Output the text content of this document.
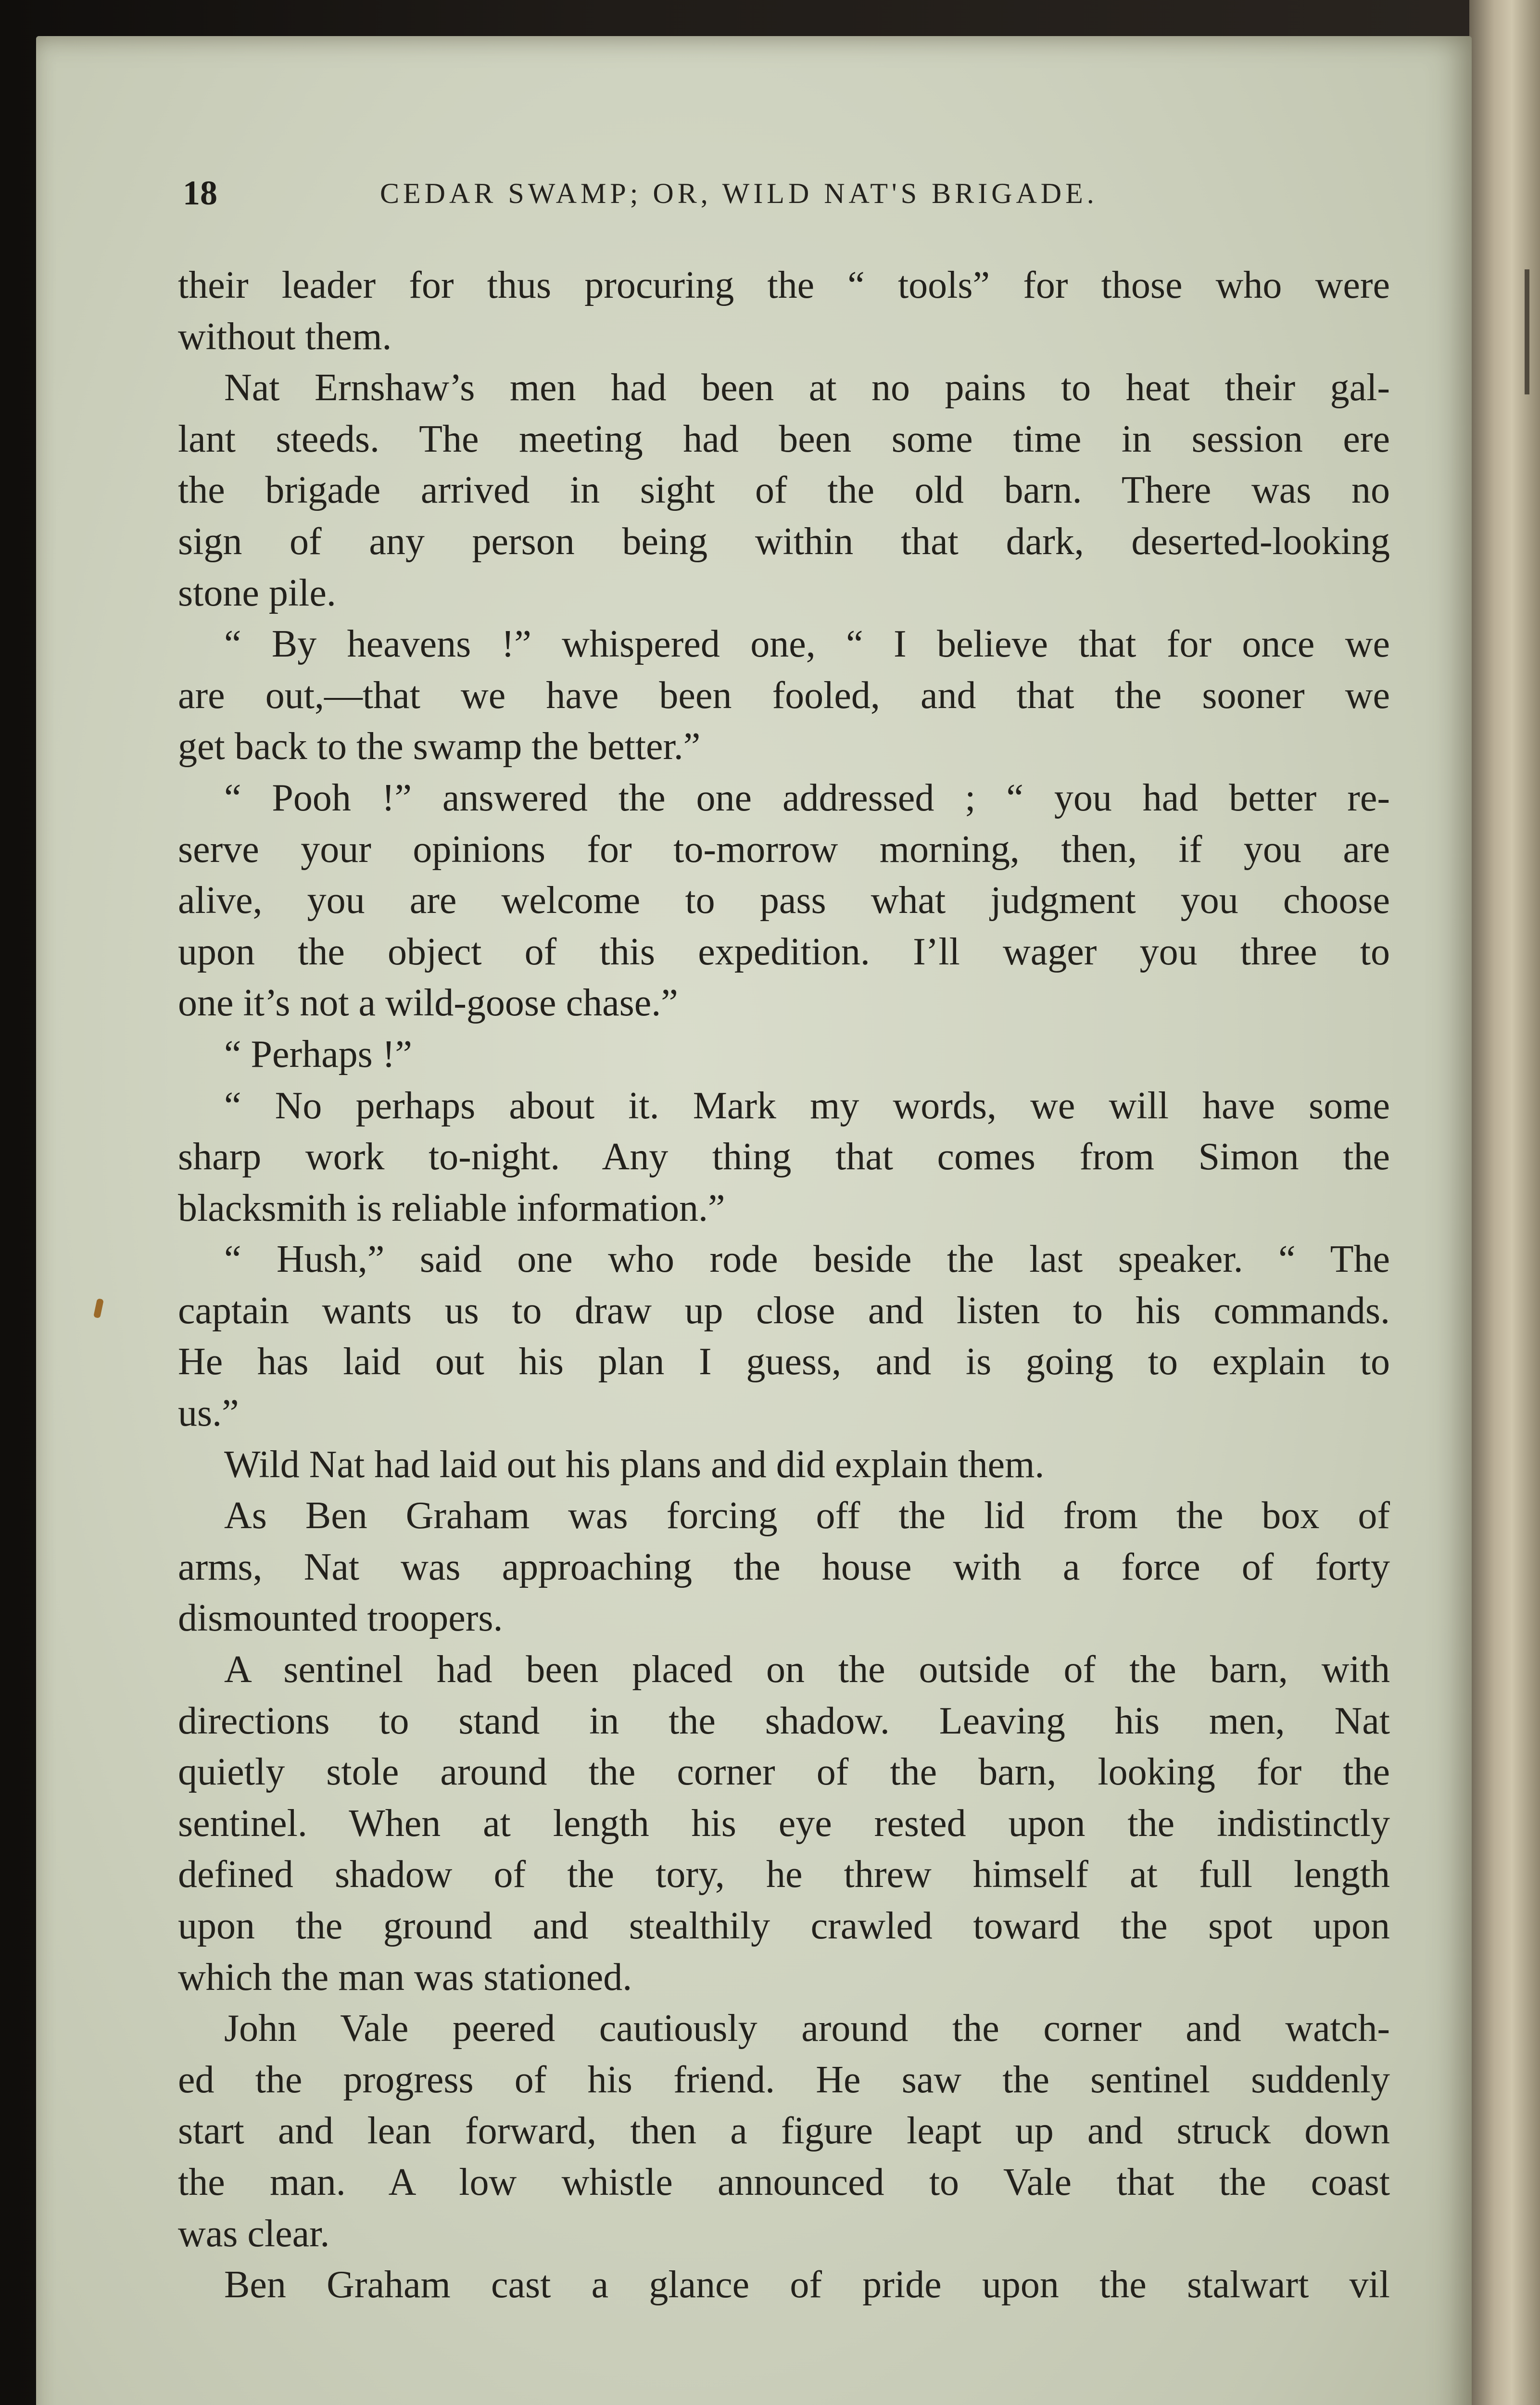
18	CEDAR SWAMP; OR, WILD NAT'S BRIGADE.
their leader for thus procuring the “ tools” for those who were
without them.
Nat Ernshaw’s men had been at no pains to heat their gal-
lant steeds. The meeting had been some time in session ere
the brigade arrived in sight of the old barn. There was no
sign of any person being within that dark, deserted-looking
stone pile.
“ By heavens !” whispered one, “ I believe that for once we
are out,—that we have been fooled, and that the sooner we
get back to the swamp the better.”
“ Pooh !” answered the one addressed ; “ you had better re-
serve your opinions for to-morrow morning, then, if you are
alive, you are welcome to pass what judgment you choose
upon the object of this expedition. I’ll wager you three to
one it’s not a wild-goose chase.”
“ Perhaps !”
“ No perhaps about it. Mark my words, we will have some
sharp work to-night. Any thing that comes from Simon the
blacksmith is reliable information.”
“ Hush,” said one who rode beside the last speaker. “ The
captain wants us to draw up close and listen to his commands.
He has laid out his plan I guess, and is going to explain to
us.”
Wild Nat had laid out his plans and did explain them.
As Ben Graham was forcing off the lid from the box of
arms, Nat was approaching the house with a force of forty
dismounted troopers.
A sentinel had been placed on the outside of the barn, with
directions to stand in the shadow. Leaving his men, Nat
quietly stole around the corner of the barn, looking for the
sentinel. When at length his eye rested upon the indistinctly
defined shadow of the tory, he threw himself at full length
upon the ground and stealthily crawled toward the spot upon
which the man was stationed.
John Vale peered cautiously around the corner and watch-
ed the progress of his friend. He saw the sentinel suddenly
start and lean forward, then a figure leapt up and struck down
the man. A low whistle announced to Vale that the coast
was clear.
Ben Graham cast a glance of pride upon the stalwart vil
